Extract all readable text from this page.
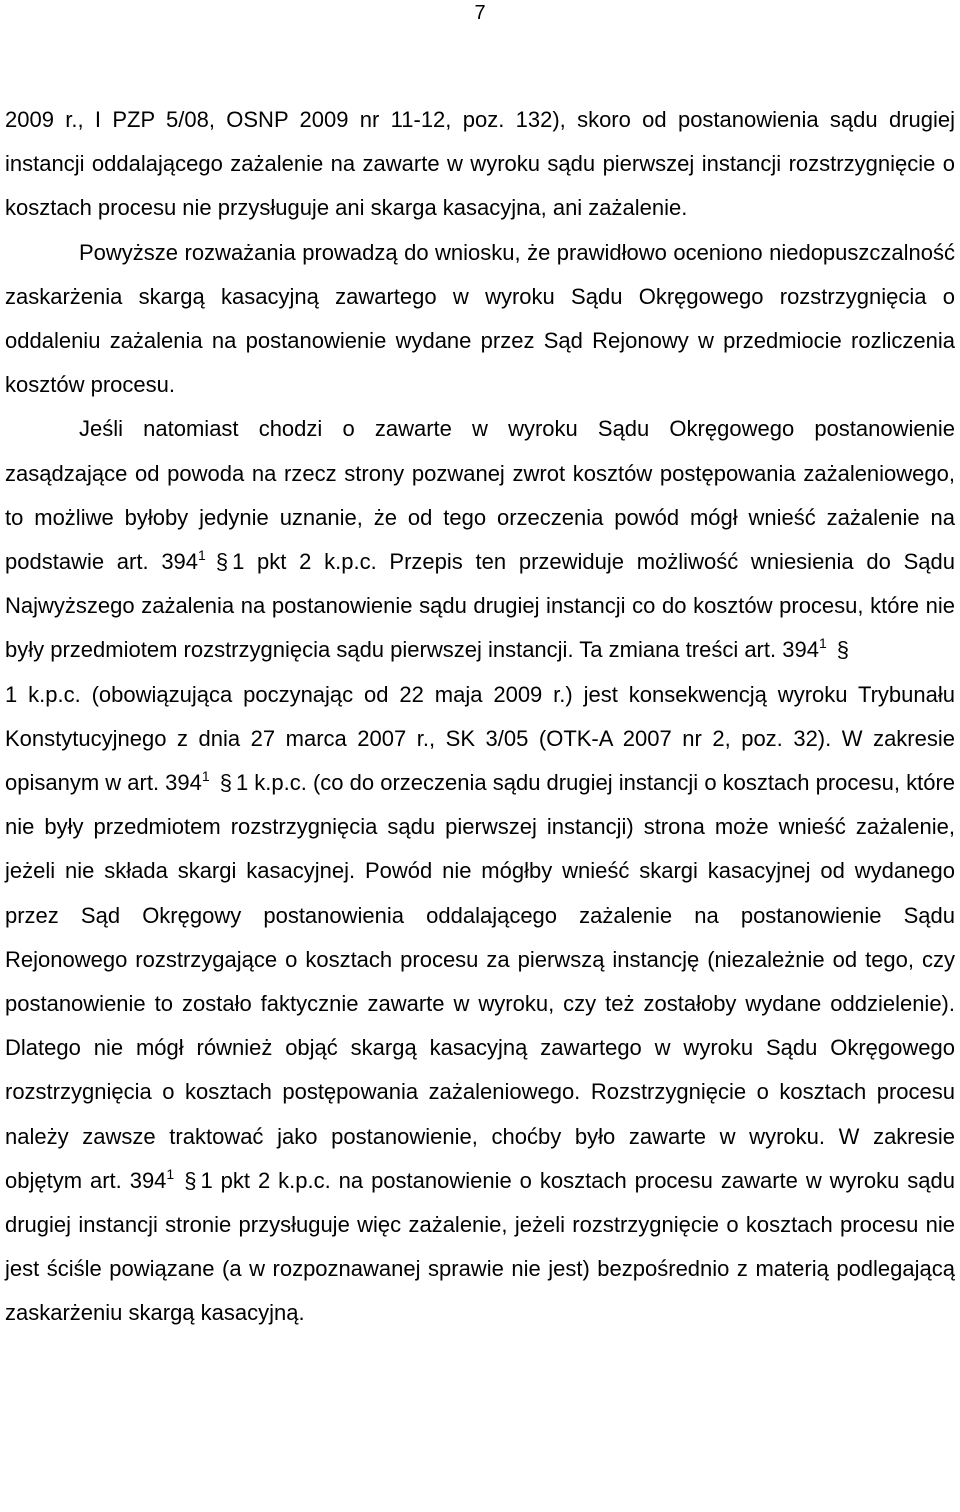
7

2009 r., I PZP 5/08, OSNP 2009 nr 11-12, poz. 132), skoro od postanowienia sądu drugiej instancji oddalającego zażalenie na zawarte w wyroku sądu pierwszej instancji rozstrzygnięcie o kosztach procesu nie przysługuje ani skarga kasacyjna, ani zażalenie.

Powyższe rozważania prowadzą do wniosku, że prawidłowo oceniono niedopuszczalność zaskarżenia skargą kasacyjną zawartego w wyroku Sądu Okręgowego rozstrzygnięcia o oddaleniu zażalenia na postanowienie wydane przez Sąd Rejonowy w przedmiocie rozliczenia kosztów procesu.

Jeśli natomiast chodzi o zawarte w wyroku Sądu Okręgowego postanowienie zasądzające od powoda na rzecz strony pozwanej zwrot kosztów postępowania zażaleniowego, to możliwe byłoby jedynie uznanie, że od tego orzeczenia powód mógł wnieść zażalenie na podstawie art. $394^1$ § 1 pkt 2 k.p.c. Przepis ten przewiduje możliwość wniesienia do Sądu Najwyższego zażalenia na postanowienie sądu drugiej instancji co do kosztów procesu, które nie były przedmiotem rozstrzygnięcia sądu pierwszej instancji. Ta zmiana treści art. $394^1$ §
1 k.p.c. (obowiązująca poczynając od 22 maja 2009 r.) jest konsekwencją wyroku Trybunału Konstytucyjnego z dnia 27 marca 2007 r., SK 3/05 (OTK-A 2007 nr 2, poz. 32). W zakresie opisanym w art. $394^1$ § 1 k.p.c. (co do orzeczenia sądu drugiej instancji o kosztach procesu, które nie były przedmiotem rozstrzygnięcia sądu pierwszej instancji) strona może wnieść zażalenie, jeżeli nie składa skargi kasacyjnej. Powód nie mógłby wnieść skargi kasacyjnej od wydanego przez Sąd Okręgowy postanowienia oddalającego zażalenie na postanowienie Sądu Rejonowego rozstrzygające o kosztach procesu za pierwszą instancję (niezależnie od tego, czy postanowienie to zostało faktycznie zawarte w wyroku, czy też zostałoby wydane oddzielenie). Dlatego nie mógł również objąć skargą kasacyjną zawartego w wyroku Sądu Okręgowego rozstrzygnięcia o kosztach postępowania zażaleniowego. Rozstrzygnięcie o kosztach procesu należy zawsze traktować jako postanowienie, choćby było zawarte w wyroku. W zakresie objętym art. $394^1$ § 1 pkt 2 k.p.c. na postanowienie o kosztach procesu zawarte w wyroku sądu drugiej instancji stronie przysługuje więc zażalenie, jeżeli rozstrzygnięcie o kosztach procesu nie jest ściśle powiązane (a w rozpoznawanej sprawie nie jest) bezpośrednio z materią podlegającą zaskarżeniu skargą kasacyjną.
